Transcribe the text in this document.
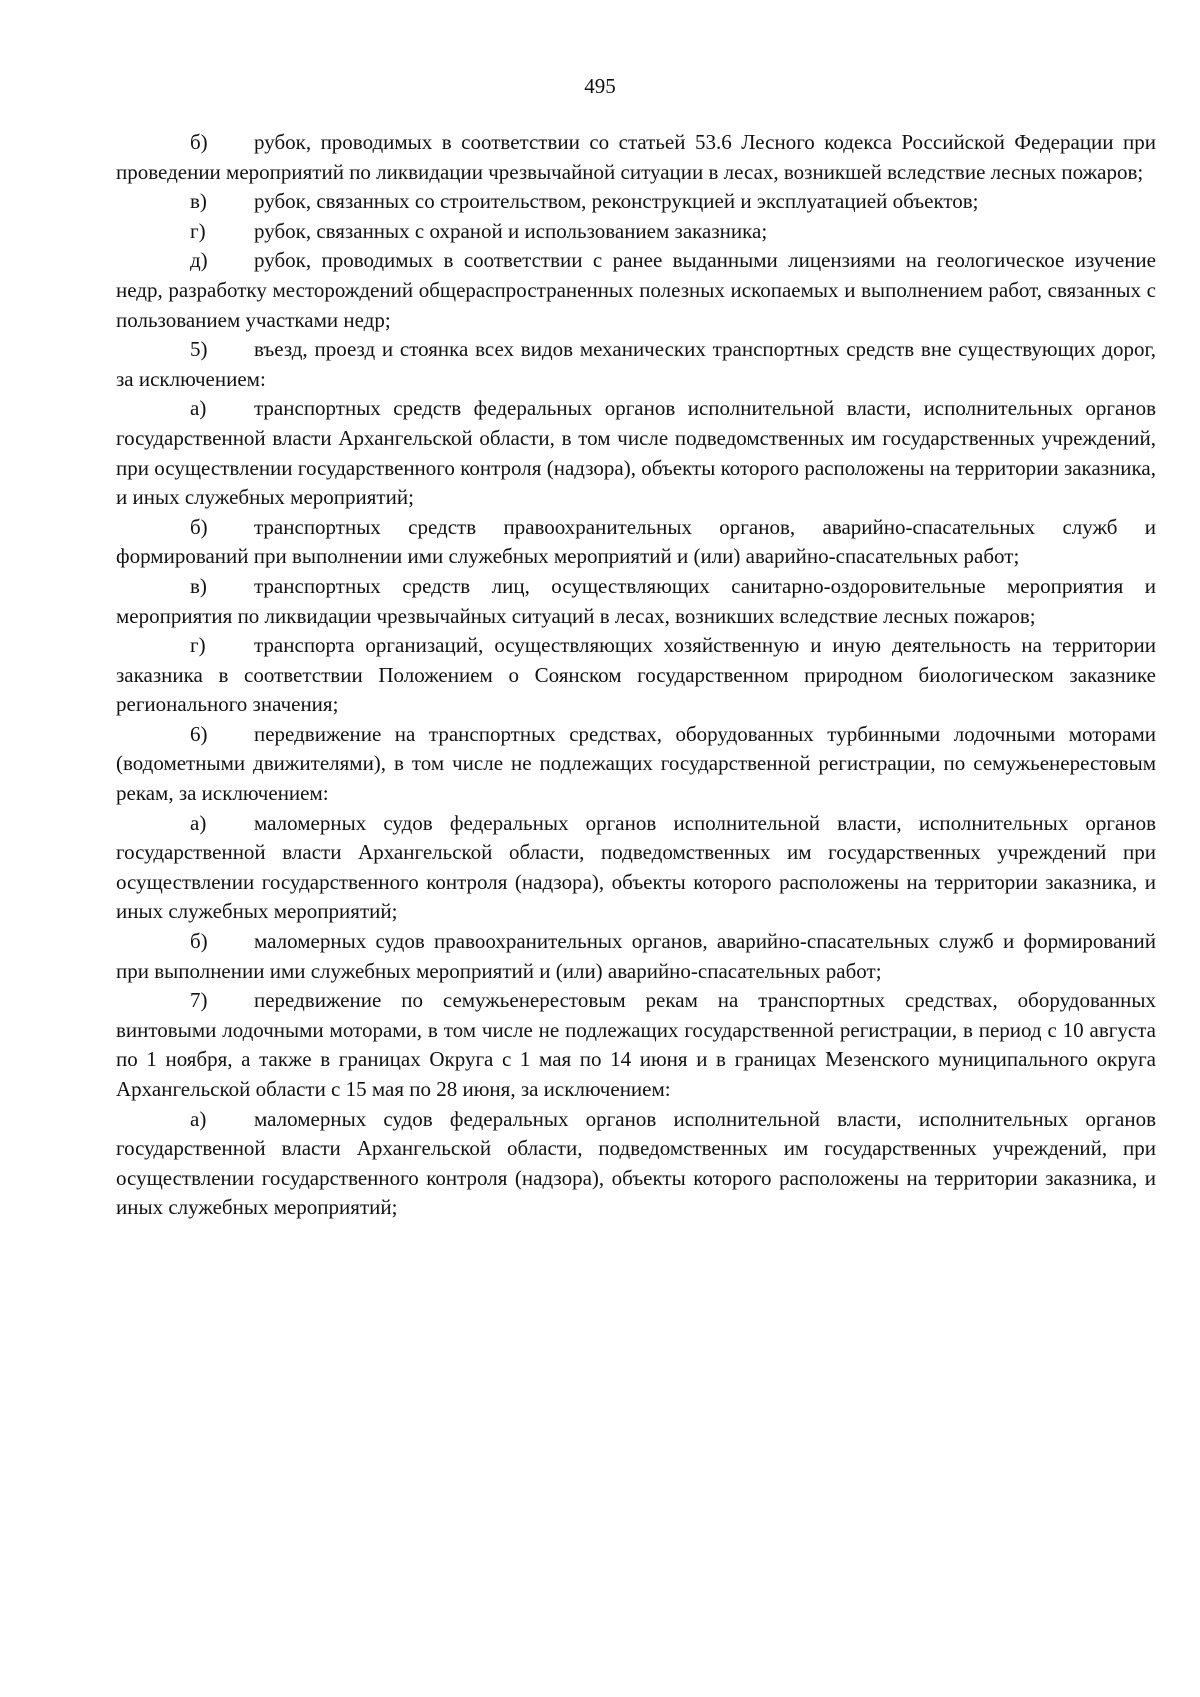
495

б) рубок, проводимых в соответствии со статьей 53.6 Лесного кодекса Российской Федерации при проведении мероприятий по ликвидации чрезвычайной ситуации в лесах, возникшей вследствие лесных пожаров;

в) рубок, связанных со строительством, реконструкцией и эксплуатацией объектов;

г) рубок, связанных с охраной и использованием заказника;

д) рубок, проводимых в соответствии с ранее выданными лицензиями на геологическое изучение недр, разработку месторождений общераспространенных полезных ископаемых и выполнением работ, связанных с пользованием участками недр;

5) въезд, проезд и стоянка всех видов механических транспортных средств вне существующих дорог, за исключением:

а) транспортных средств федеральных органов исполнительной власти, исполнительных органов государственной власти Архангельской области, в том числе подведомственных им государственных учреждений, при осуществлении государственного контроля (надзора), объекты которого расположены на территории заказника, и иных служебных мероприятий;

б) транспортных средств правоохранительных органов, аварийно-спасательных служб и формирований при выполнении ими служебных мероприятий и (или) аварийно-спасательных работ;

в) транспортных средств лиц, осуществляющих санитарно-оздоровительные мероприятия и мероприятия по ликвидации чрезвычайных ситуаций в лесах, возникших вследствие лесных пожаров;

г) транспорта организаций, осуществляющих хозяйственную и иную деятельность на территории заказника в соответствии Положением о Соянском государственном природном биологическом заказнике регионального значения;

6) передвижение на транспортных средствах, оборудованных турбинными лодочными моторами (водометными движителями), в том числе не подлежащих государственной регистрации, по семужьенерестовым рекам, за исключением:

а) маломерных судов федеральных органов исполнительной власти, исполнительных органов государственной власти Архангельской области, подведомственных им государственных учреждений при осуществлении государственного контроля (надзора), объекты которого расположены на территории заказника, и иных служебных мероприятий;

б) маломерных судов правоохранительных органов, аварийно-спасательных служб и формирований при выполнении ими служебных мероприятий и (или) аварийно-спасательных работ;

7) передвижение по семужьенерестовым рекам на транспортных средствах, оборудованных винтовыми лодочными моторами, в том числе не подлежащих государственной регистрации, в период с 10 августа по 1 ноября, а также в границах Округа с 1 мая по 14 июня и в границах Мезенского муниципального округа Архангельской области с 15 мая по 28 июня, за исключением:

а) маломерных судов федеральных органов исполнительной власти, исполнительных органов государственной власти Архангельской области, подведомственных им государственных учреждений, при осуществлении государственного контроля (надзора), объекты которого расположены на территории заказника, и иных служебных мероприятий;
